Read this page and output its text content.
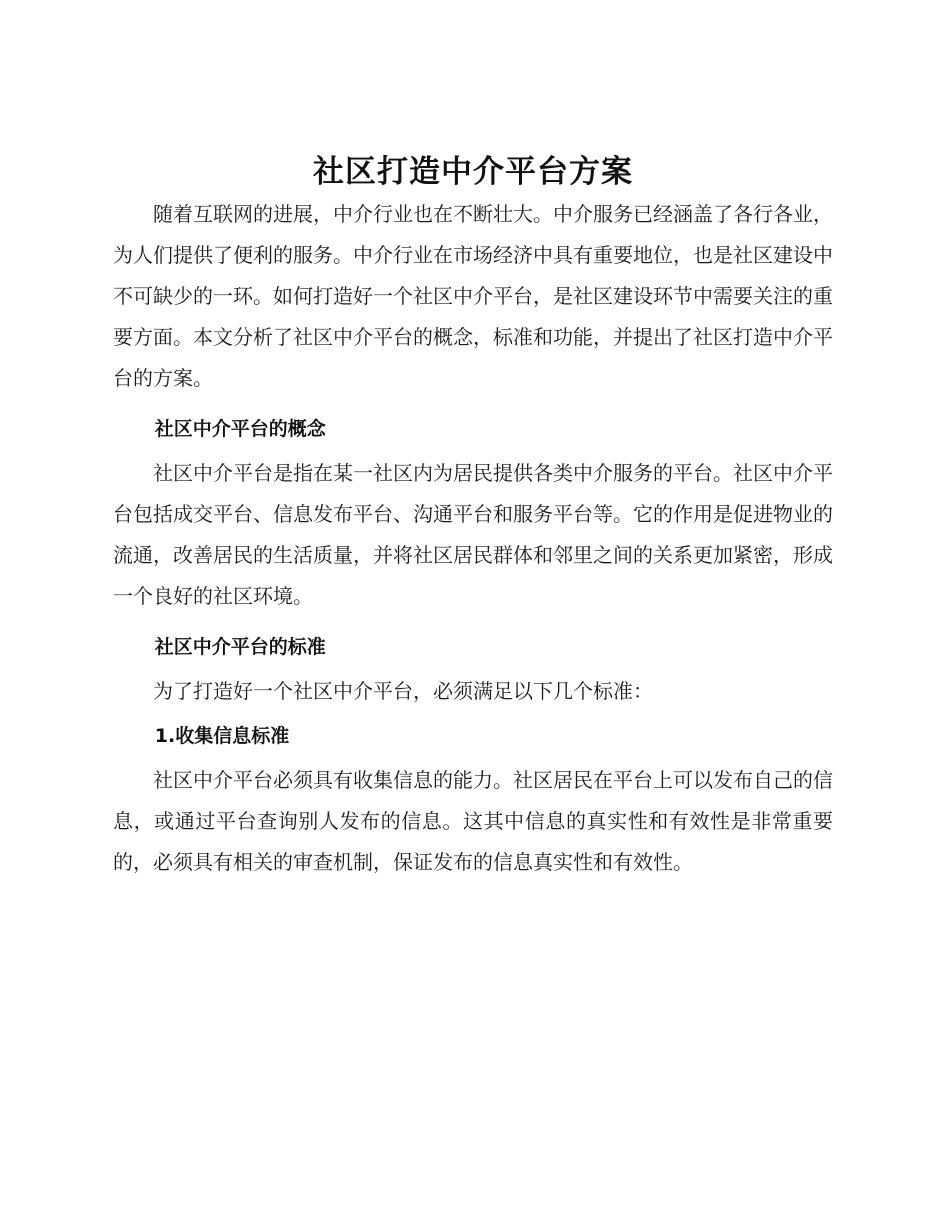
社区打造中介平台方案

随着互联网的进展，中介行业也在不断壮大。中介服务已经涵盖了各行各业，为人们提供了便利的服务。中介行业在市场经济中具有重要地位，也是社区建设中不可缺少的一环。如何打造好一个社区中介平台，是社区建设环节中需要关注的重要方面。本文分析了社区中介平台的概念，标准和功能，并提出了社区打造中介平台的方案。

社区中介平台的概念

社区中介平台是指在某一社区内为居民提供各类中介服务的平台。社区中介平台包括成交平台、信息发布平台、沟通平台和服务平台等。它的作用是促进物业的流通，改善居民的生活质量，并将社区居民群体和邻里之间的关系更加紧密，形成一个良好的社区环境。

社区中介平台的标准

为了打造好一个社区中介平台，必须满足以下几个标准：

1.收集信息标准

社区中介平台必须具有收集信息的能力。社区居民在平台上可以发布自己的信息，或通过平台查询别人发布的信息。这其中信息的真实性和有效性是非常重要的，必须具有相关的审查机制，保证发布的信息真实性和有效性。
